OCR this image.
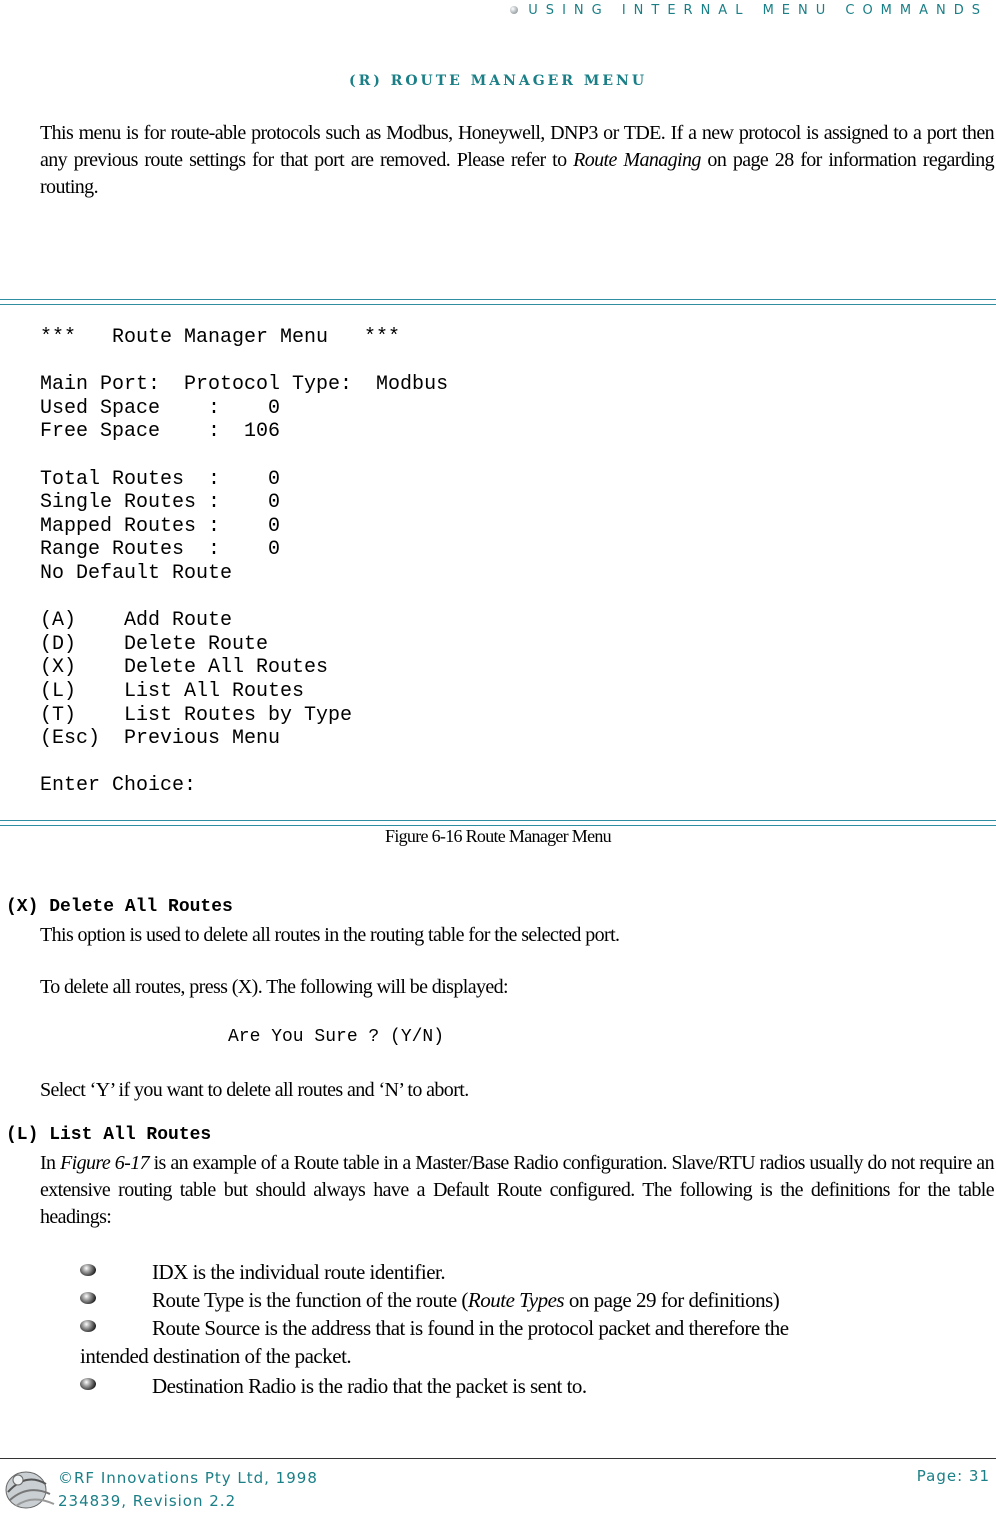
USING INTERNAL MENU COMMANDS
(R) ROUTE MANAGER MENU
This menu is for route-able protocols such as Modbus, Honeywell, DNP3 or TDE. If a new protocol is assigned to a port then any previous route settings for that port are removed. Please refer to Route Managing on page 28 for information regarding routing.
***   Route Manager Menu   ***

Main Port:  Protocol Type:  Modbus
Used Space    :    0
Free Space    :  106

Total Routes  :    0
Single Routes :    0
Mapped Routes :    0
Range Routes  :    0
No Default Route

(A)    Add Route
(D)    Delete Route
(X)    Delete All Routes
(L)    List All Routes
(T)    List Routes by Type
(Esc)  Previous Menu

Enter Choice:

Figure 6-16 Route Manager Menu
(X) Delete All Routes
This option is used to delete all routes in the routing table for the selected port.
To delete all routes, press (X). The following will be displayed:
Are You Sure ? (Y/N)
Select ‘Y’ if you want to delete all routes and ‘N’ to abort.
(L) List All Routes
In Figure 6-17 is an example of a Route table in a Master/Base Radio configuration. Slave/RTU radios usually do not require an extensive routing table but should always have a Default Route configured. The following is the definitions for the table headings:
IDX is the individual route identifier.
Route Type is the function of the route (Route Types on page 29 for definitions)
Route Source is the address that is found in the protocol packet and therefore the
intended destination of the packet.
Destination Radio is the radio that the packet is sent to.
©RF Innovations Pty Ltd, 1998
234839, Revision 2.2
Page: 31
